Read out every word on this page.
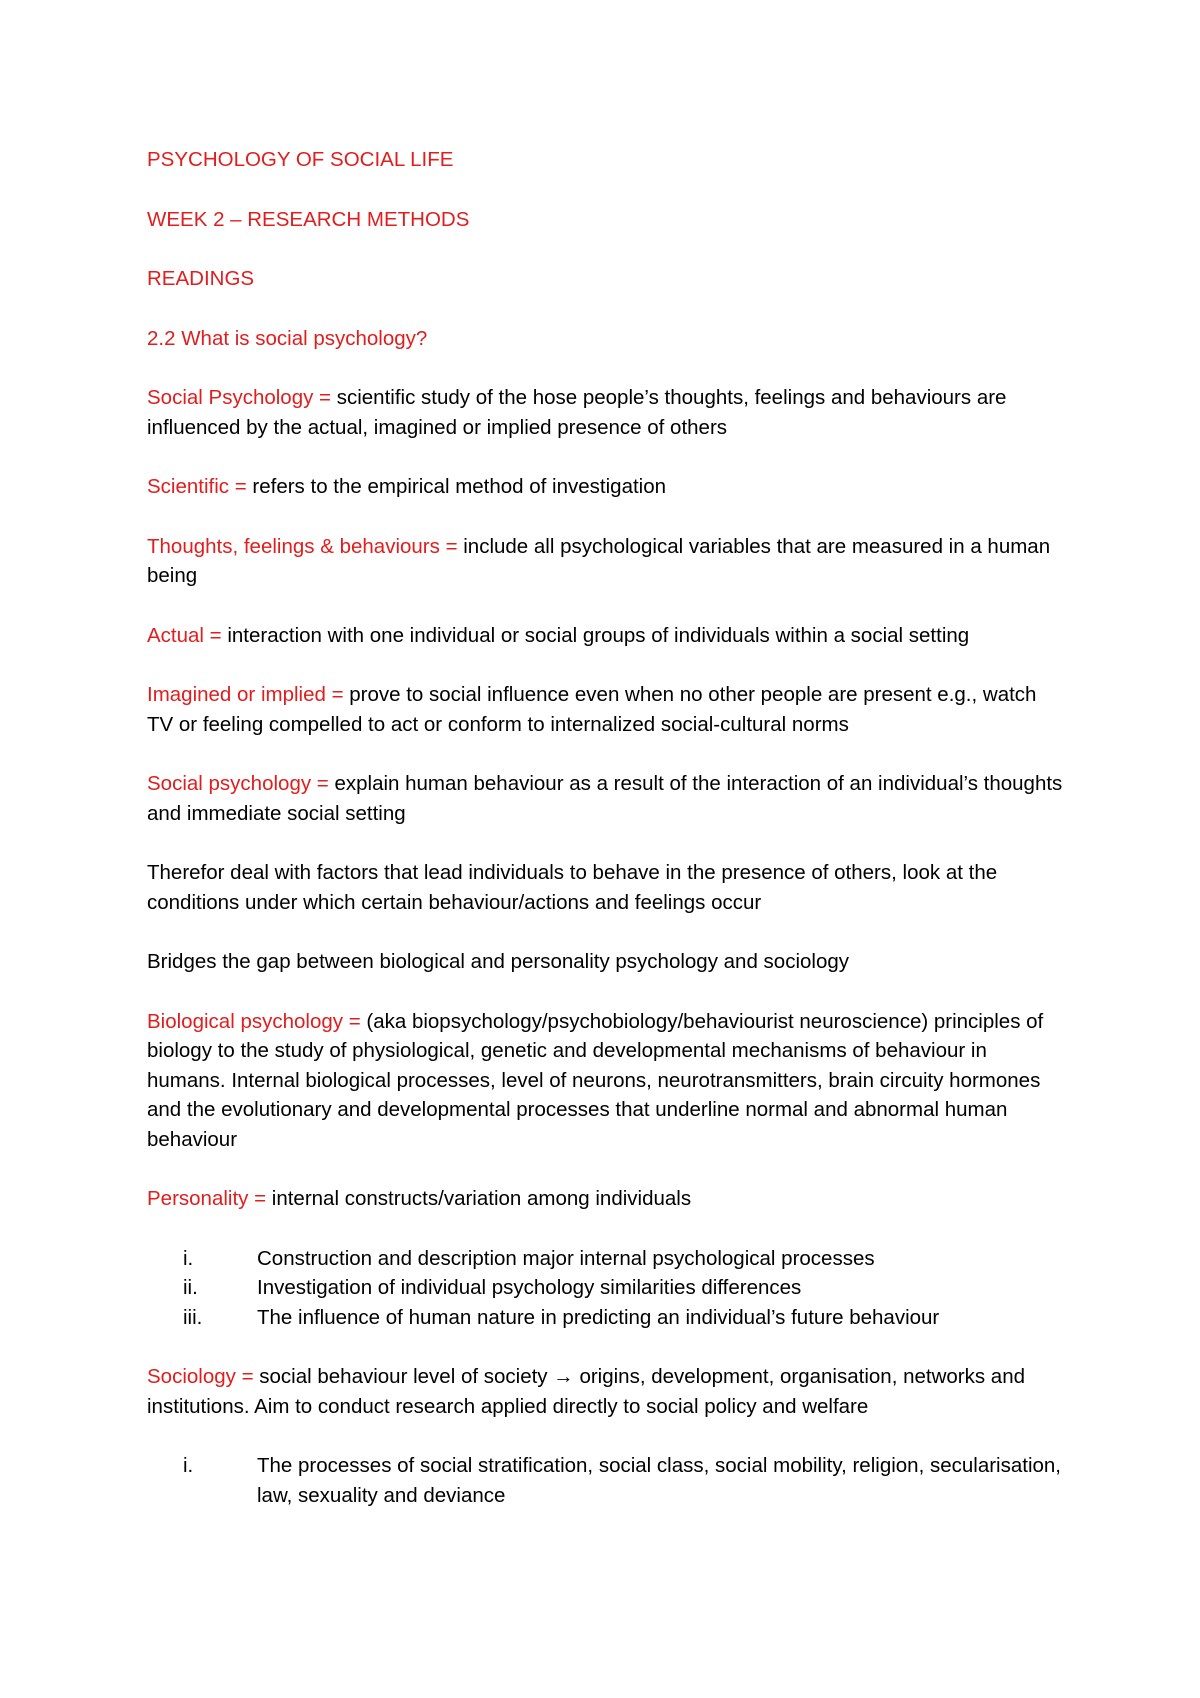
PSYCHOLOGY OF SOCIAL LIFE

WEEK 2 – RESEARCH METHODS

READINGS

2.2 What is social psychology?

Social Psychology = scientific study of the hose people’s thoughts, feelings and behaviours are influenced by the actual, imagined or implied presence of others

Scientific = refers to the empirical method of investigation

Thoughts, feelings & behaviours = include all psychological variables that are measured in a human being

Actual = interaction with one individual or social groups of individuals within a social setting

Imagined or implied = prove to social influence even when no other people are present e.g., watch TV or feeling compelled to act or conform to internalized social-cultural norms

Social psychology = explain human behaviour as a result of the interaction of an individual’s thoughts and immediate social setting

Therefor deal with factors that lead individuals to behave in the presence of others, look at the conditions under which certain behaviour/actions and feelings occur

Bridges the gap between biological and personality psychology and sociology

Biological psychology = (aka biopsychology/psychobiology/behaviourist neuroscience) principles of biology to the study of physiological, genetic and developmental mechanisms of behaviour in humans. Internal biological processes, level of neurons, neurotransmitters, brain circuity hormones and the evolutionary and developmental processes that underline normal and abnormal human behaviour

Personality = internal constructs/variation among individuals

i.	Construction and description major internal psychological processes
ii.	Investigation of individual psychology similarities differences
iii.	The influence of human nature in predicting an individual’s future behaviour

Sociology = social behaviour level of society → origins, development, organisation, networks and institutions. Aim to conduct research applied directly to social policy and welfare

i.	The processes of social stratification, social class, social mobility, religion, secularisation, law, sexuality and deviance
